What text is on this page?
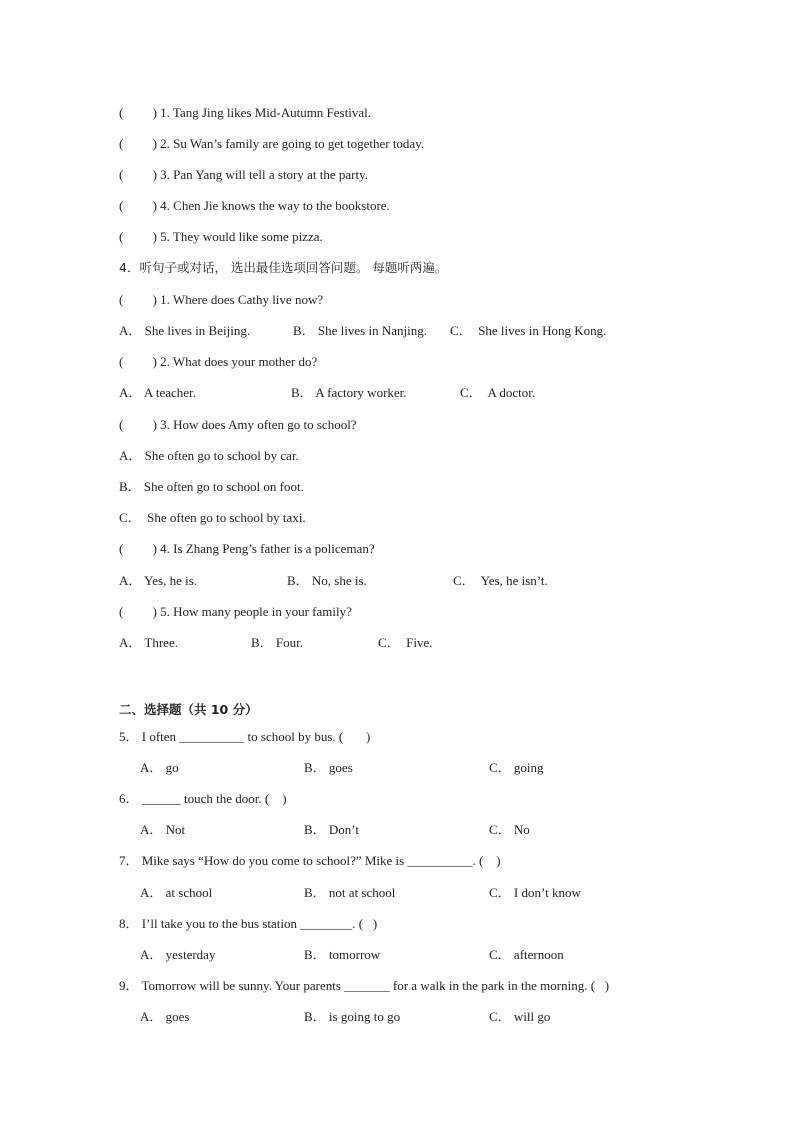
(         ) 1. Tang Jing likes Mid-Autumn Festival.
(         ) 2. Su Wan’s family are going to get together today.
(         ) 3. Pan Yang will tell a story at the party.
(         ) 4. Chen Jie knows the way to the bookstore.
(         ) 5. They would like some pizza.
4．听句子或对话， 选出最佳选项回答问题。 每题听两遍。
(         ) 1. Where does Cathy live now?
A． She lives in Beijing.	B． She lives in Nanjing. C．  She lives in Hong Kong.
(         ) 2. What does your mother do?
A． A teacher.	B． A factory worker.	C．  A doctor.
(         ) 3. How does Amy often go to school?
A． She often go to school by car.
B． She often go to school on foot.
C．  She often go to school by taxi.
(         ) 4. Is Zhang Peng’s father is a policeman?
A． Yes, he is.	B． No, she is.	C．  Yes, he isn’t.
(         ) 5. How many people in your family?
A． Three.	B． Four.	C．  Five.
二、选择题（共 10 分）
5． I often __________ to school by bus. (       )
A． go	B． goes	C． going
6． ______ touch the door. (    )
A． Not	B． Don’t	C． No
7． Mike says “How do you come to school?” Mike is __________. (    )
A． at school	B． not at school	C． I don’t know
8． I’ll take you to the bus station ________. (   )
A． yesterday	B． tomorrow	C． afternoon
9． Tomorrow will be sunny. Your parents _______ for a walk in the park in the morning. (   )
A． goes	B． is going to go	C． will go
